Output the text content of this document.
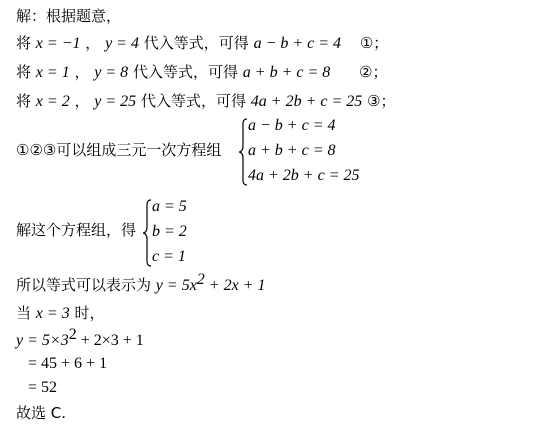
解：根据题意，
将 x = −1 ， y = 4 代入等式，可得 a − b + c = 4 ①；
将 x = 1 ， y = 8 代入等式，可得 a + b + c = 8 ②；
将 x = 2 ， y = 25 代入等式，可得 4a + 2b + c = 25 ③；
①②③可以组成三元一次方程组
a − b + c = 4
a + b + c = 8
4a + 2b + c = 25
解这个方程组，得
a = 5
b = 2
c = 1
所以等式可以表示为 $y = 5x^2 + 2x + 1$
当 x = 3 时，
$y = 5\times 3^2 + 2\times 3 + 1$
= 45 + 6 + 1
= 52
故选 C.
